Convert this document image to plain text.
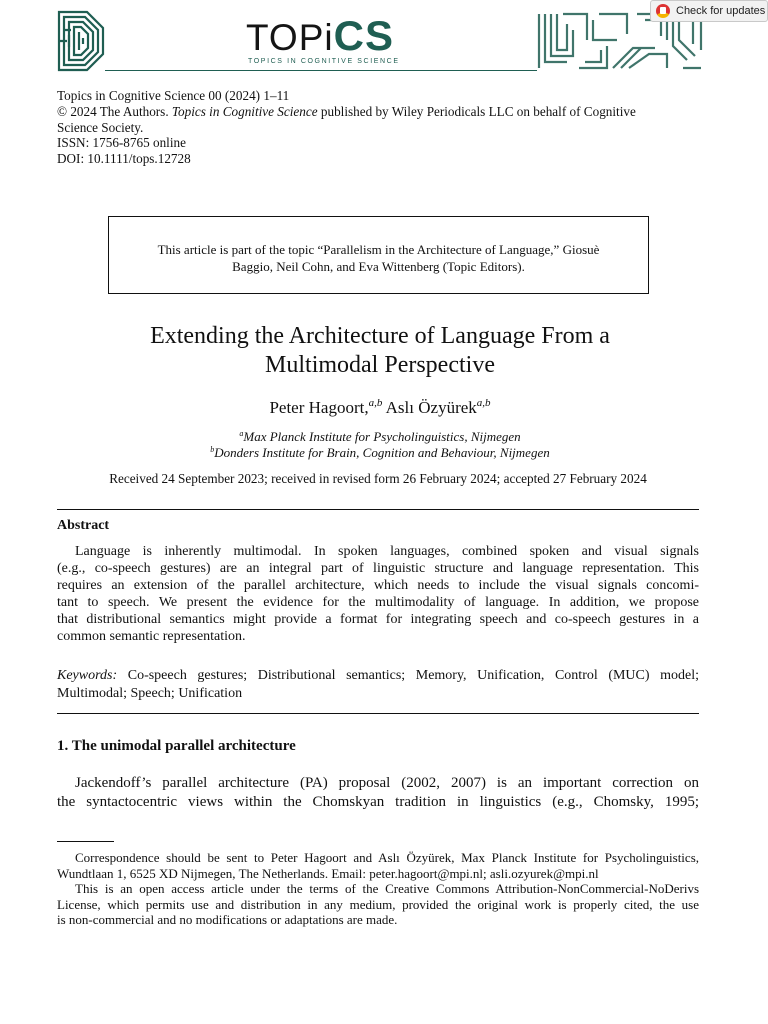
TOPiCS
TOPICS IN COGNITIVE SCIENCE
Check for updates
Topics in Cognitive Science 00 (2024) 1–11
© 2024 The Authors. Topics in Cognitive Science published by Wiley Periodicals LLC on behalf of Cognitive
Science Society.
ISSN: 1756-8765 online
DOI: 10.1111/tops.12728
This article is part of the topic “Parallelism in the Architecture of Language,” Giosuè
Baggio, Neil Cohn, and Eva Wittenberg (Topic Editors).
Extending the Architecture of Language From a
Multimodal Perspective
Peter Hagoort,$^{a,b}$ Aslı Özyürek$^{a,b}$
$^a$Max Planck Institute for Psycholinguistics, Nijmegen
$^b$Donders Institute for Brain, Cognition and Behaviour, Nijmegen
Received 24 September 2023; received in revised form 26 February 2024; accepted 27 February 2024
Abstract
Language is inherently multimodal. In spoken languages, combined spoken and visual signals
(e.g., co-speech gestures) are an integral part of linguistic structure and language representation. This
requires an extension of the parallel architecture, which needs to include the visual signals concomi-
tant to speech. We present the evidence for the multimodality of language. In addition, we propose
that distributional semantics might provide a format for integrating speech and co-speech gestures in a
common semantic representation.
Keywords: Co-speech gestures; Distributional semantics; Memory, Unification, Control (MUC) model;
Multimodal; Speech; Unification
1. The unimodal parallel architecture
Jackendoff’s parallel architecture (PA) proposal (2002, 2007) is an important correction on
the syntactocentric views within the Chomskyan tradition in linguistics (e.g., Chomsky, 1995;
Correspondence should be sent to Peter Hagoort and Aslı Özyürek, Max Planck Institute for Psycholinguistics,
Wundtlaan 1, 6525 XD Nijmegen, The Netherlands. Email: peter.hagoort@mpi.nl; asli.ozyurek@mpi.nl
This is an open access article under the terms of the Creative Commons Attribution-NonCommercial-NoDerivs
License, which permits use and distribution in any medium, provided the original work is properly cited, the use
is non-commercial and no modifications or adaptations are made.
